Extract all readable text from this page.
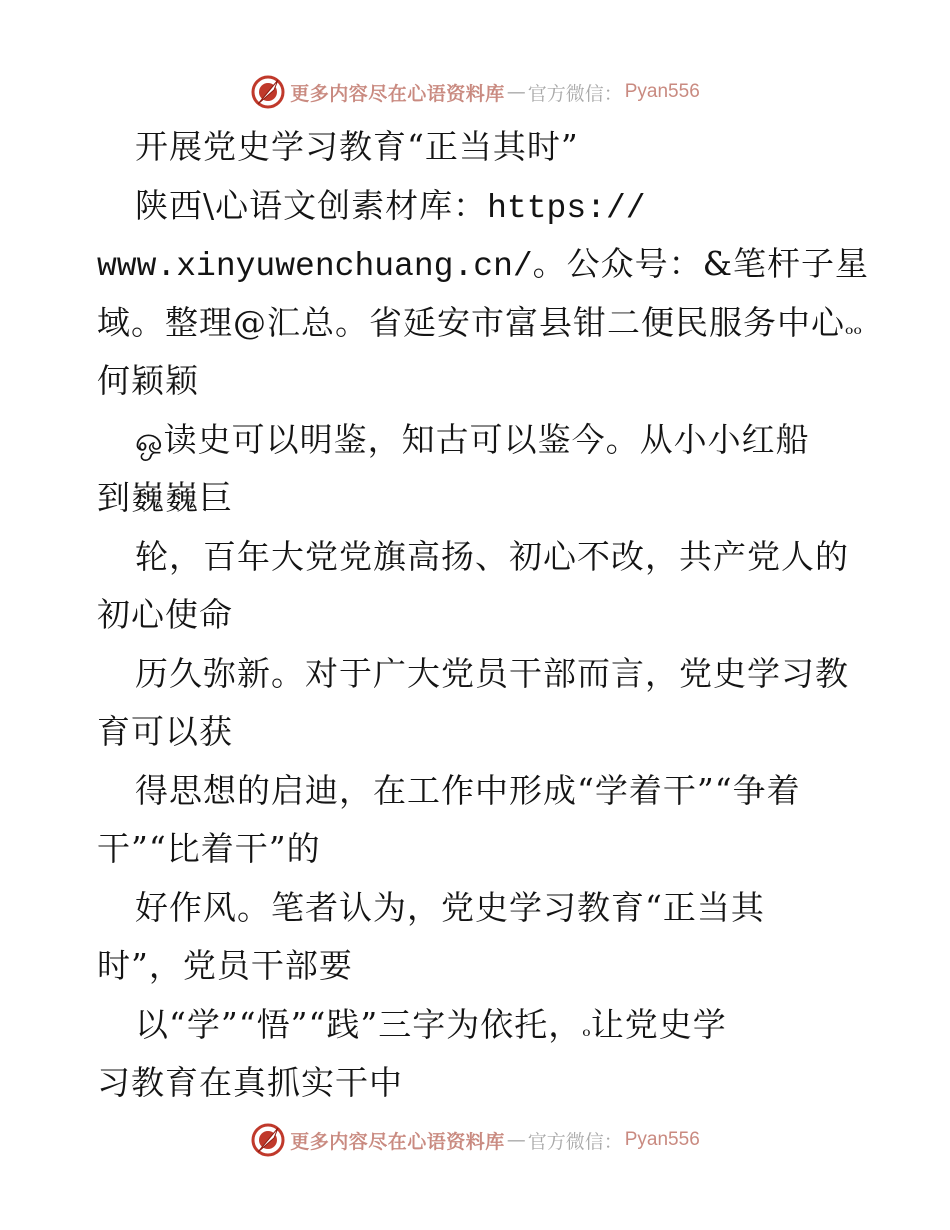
更多内容尽在心语资料库 — 官方微信： Pyan556
开展党史学习教育“正当其时”
陕西\心语文创素材库：https://
www.xinyuwenchuang.cn/。公众号：&笔杆子星
域。整理@汇总。省延安市富县钳二便民服务中心ₒₒ
何颖颖
ஒ读史可以明鉴，知古可以鉴今。从小小红船
到巍巍巨
轮，百年大党党旗高扬、初心不改，共产党人的
初心使命
历久弥新。对于广大党员干部而言，党史学习教
育可以获
得思想的启迪，在工作中形成“学着干”“争着
干”“比着干”的
好作风。笔者认为，党史学习教育“正当其
时”，党员干部要
以“学”“悟”“践”三字为依托，ₒ让党史学
习教育在真抓实干中
更多内容尽在心语资料库 — 官方微信： Pyan556
